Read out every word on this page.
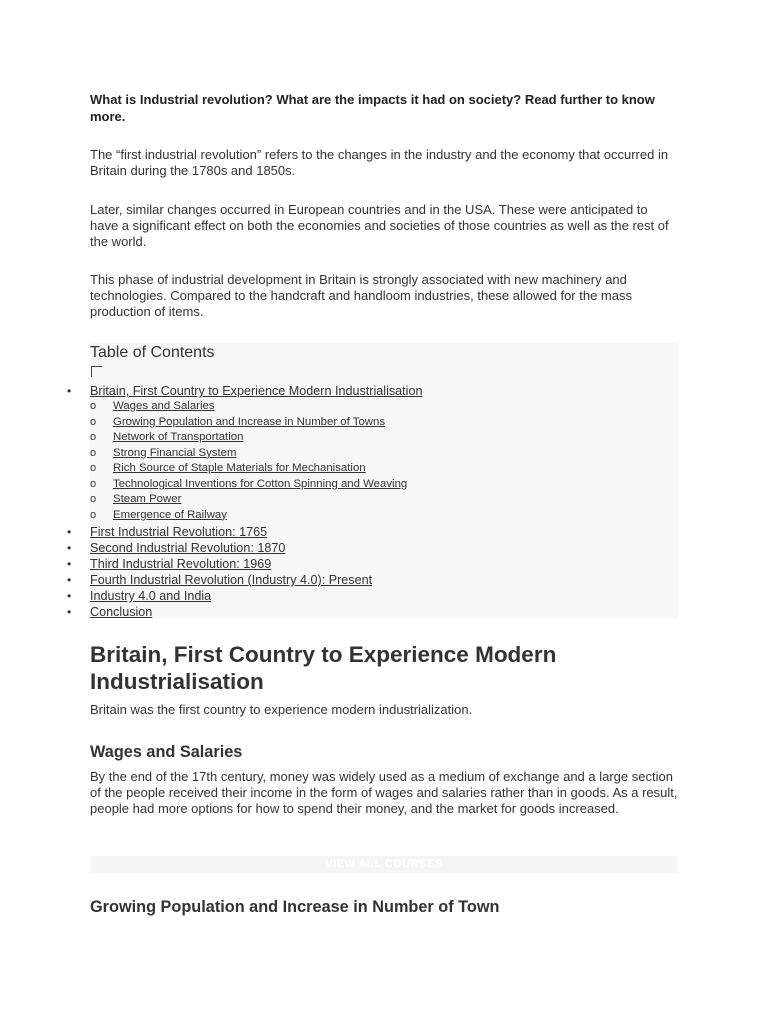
What is Industrial revolution? What are the impacts it had on society? Read further to know more.

The “first industrial revolution” refers to the changes in the industry and the economy that occurred in Britain during the 1780s and 1850s.

Later, similar changes occurred in European countries and in the USA. These were anticipated to have a significant effect on both the economies and societies of those countries as well as the rest of the world.

This phase of industrial development in Britain is strongly associated with new machinery and technologies. Compared to the handcraft and handloom industries, these allowed for the mass production of items.

Table of Contents
• Britain, First Country to Experience Modern Industrialisation
o Wages and Salaries
o Growing Population and Increase in Number of Towns
o Network of Transportation
o Strong Financial System
o Rich Source of Staple Materials for Mechanisation
o Technological Inventions for Cotton Spinning and Weaving
o Steam Power
o Emergence of Railway
• First Industrial Revolution: 1765
• Second Industrial Revolution: 1870
• Third Industrial Revolution: 1969
• Fourth Industrial Revolution (Industry 4.0): Present
• Industry 4.0 and India
• Conclusion
Britain, First Country to Experience Modern Industrialisation

Britain was the first country to experience modern industrialization.

Wages and Salaries

By the end of the 17th century, money was widely used as a medium of exchange and a large section of the people received their income in the form of wages and salaries rather than in goods. As a result, people had more options for how to spend their money, and the market for goods increased.

VIEW ALL COURSES
Growing Population and Increase in Number of Town
